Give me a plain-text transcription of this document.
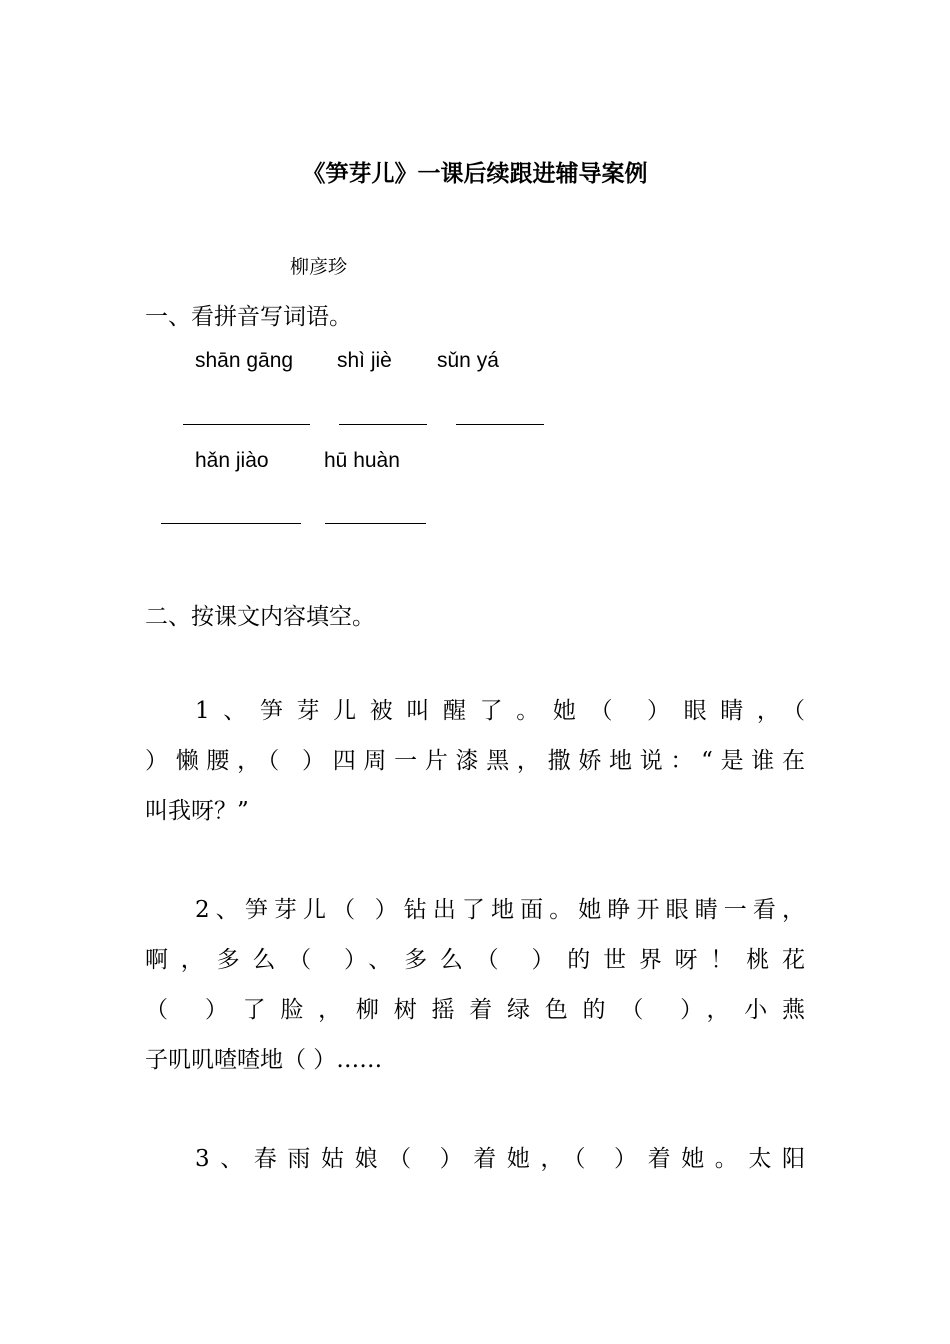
《笋芽儿》一课后续跟进辅导案例
柳彦珍
一、看拼音写词语。
shān gāng shì jiè sǔn yá
hǎn jiào	hū huàn
二、按课文内容填空。
1、笋芽儿被叫醒了。她（ ）眼睛，（
）懒腰，（ ）四周一片漆黑，撒娇地说：“是谁在
叫我呀？”
2、笋芽儿（ ）钻出了地面。她睁开眼睛一看，
啊，多么（ ）、多么（ ）的世界呀！桃花
（ ）了脸，柳树摇着绿色的（ ），小燕
子叽叽喳喳地（ ）……
3、春雨姑娘（ ）着她，（ ）着她。太阳
